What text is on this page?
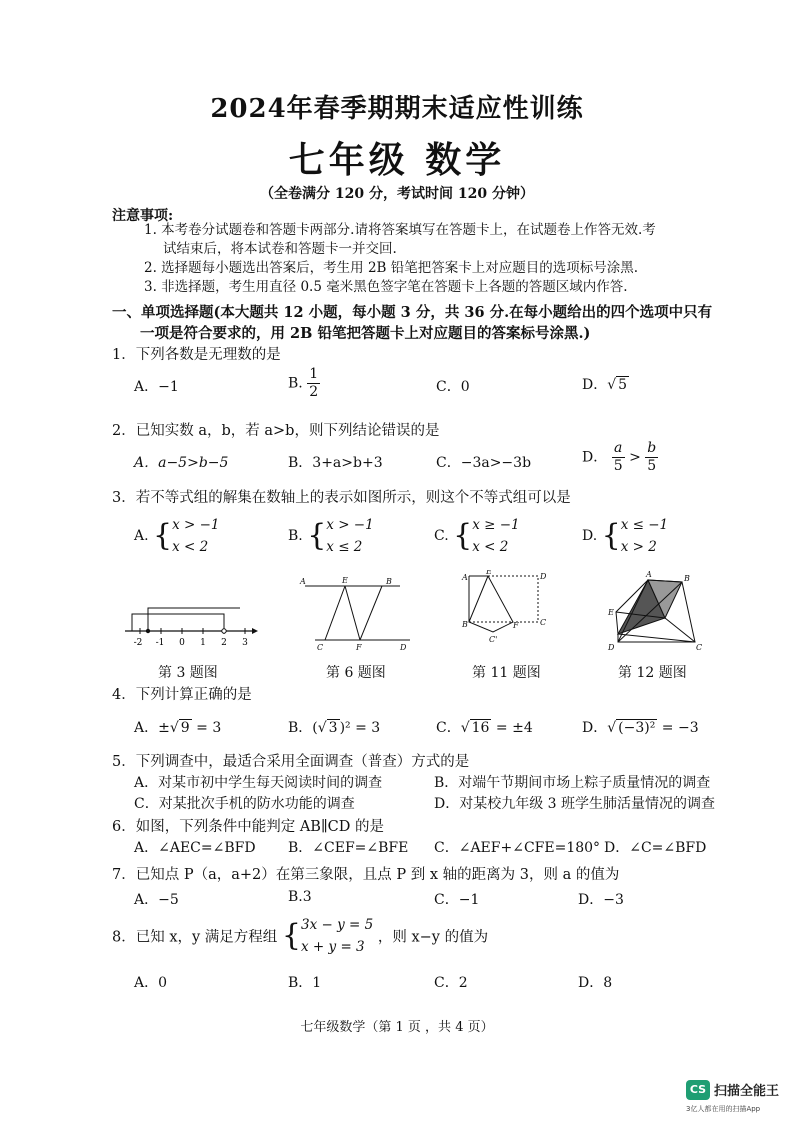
2024年春季期期末适应性训练
七年级 数学
（全卷满分 120 分，考试时间 120 分钟）
注意事项:
1. 本考卷分试题卷和答题卡两部分.请将答案填写在答题卡上，在试题卷上作答无效.考
试结束后，将本试卷和答题卡一并交回.
2. 选择题每小题选出答案后，考生用 2B 铅笔把答案卡上对应题目的选项标号涂黑.
3. 非选择题，考生用直径 0.5 毫米黑色签字笔在答题卡上各题的答题区域内作答.
一、单项选择题(本大题共 12 小题，每小题 3 分，共 36 分.在每小题给出的四个选项中只有
一项是符合要求的，用 2B 铅笔把答题卡上对应题目的答案标号涂黑.)
1．下列各数是无理数的是
A．−1	B. $\frac{1}{2}$	C．0	D．√ 5
2．已知实数 a，b，若 a>b，则下列结论错误的是
A．a−5>b−5	B．3+a>b+3	C．−3a>−3b	D． $\frac{a}{5} > \frac{b}{5}$
3．若不等式组的解集在数轴上的表示如图所示，则这个不等式组可以是
A. {x > −1
x < 2
B. {x > −1
x ≤ 2
C. {x ≥ −1
x < 2
D. {x ≤ −1
x > 2
-2 -1 0 1 2 3
A	E	B
C	F	D
A
E
D
B	F	C
C'
A	B
E
D	C
第 3 题图	第 6 题图	第 11 题图	第 12 题图
4．下列计算正确的是
A．±√ 9 = 3	B．(√ 3 )² = 3	C．√ 16 = ±4	D．√ (−3)² = −3
5．下列调查中，最适合采用全面调查（普查）方式的是
A．对某市初中学生每天阅读时间的调查	B．对端午节期间市场上粽子质量情况的调查
C．对某批次手机的防水功能的调查	D．对某校九年级 3 班学生肺活量情况的调查
6．如图，下列条件中能判定 AB∥CD 的是
A．∠AEC=∠BFD B．∠CEF=∠BFE C．∠AEF+∠CFE=180° D．∠C=∠BFD
7．已知点 P（a，a+2）在第三象限，且点 P 到 x 轴的距离为 3，则 a 的值为
A．−5	B.3	C．−1	D．−3
8．已知 x，y 满足方程组 {3x − y = 5
x + y = 3 ，则 x−y 的值为
A．0	B．1	C．2	D．8
七年级数学（第 1 页 ，共 4 页）
CS 扫描全能王
3亿人都在用的扫描App
